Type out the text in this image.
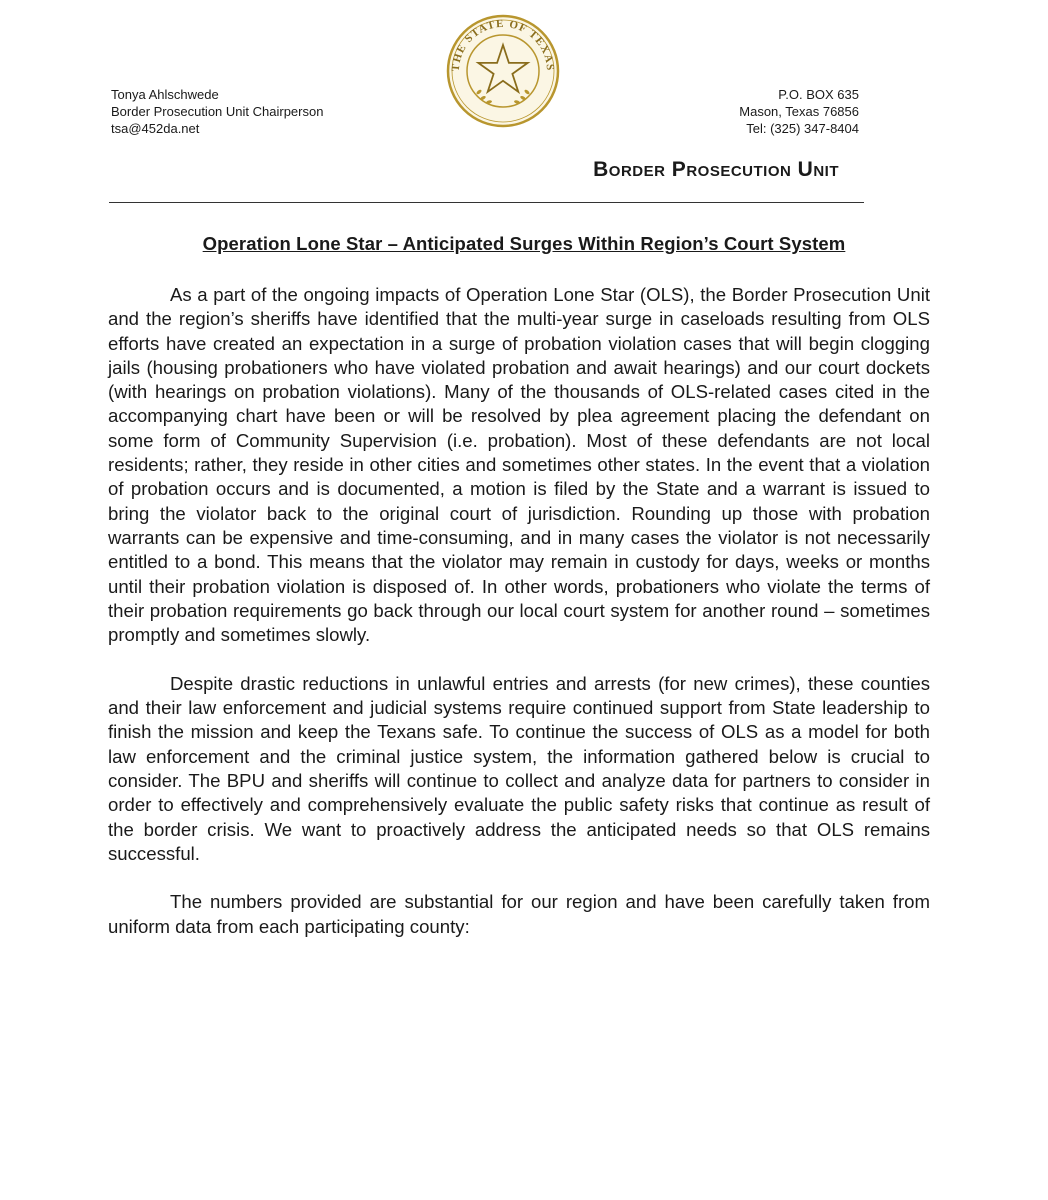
THE STATE OF TEXAS
Tonya Ahlschwede
Border Prosecution Unit Chairperson
tsa@452da.net
P.O. BOX 635
Mason, Texas 76856
Tel: (325) 347-8404
Border Prosecution Unit
Operation Lone Star – Anticipated Surges Within Region’s Court System

As a part of the ongoing impacts of Operation Lone Star (OLS), the Border Prosecution Unit and the region’s sheriffs have identified that the multi-year surge in caseloads resulting from OLS efforts have created an expectation in a surge of probation violation cases that will begin clogging jails (housing probationers who have violated probation and await hearings) and our court dockets (with hearings on probation violations). Many of the thousands of OLS-related cases cited in the accompanying chart have been or will be resolved by plea agreement placing the defendant on some form of Community Supervision (i.e. probation). Most of these defendants are not local residents; rather, they reside in other cities and sometimes other states. In the event that a violation of probation occurs and is documented, a motion is filed by the State and a warrant is issued to bring the violator back to the original court of jurisdiction. Rounding up those with probation warrants can be expensive and time-consuming, and in many cases the violator is not necessarily entitled to a bond. This means that the violator may remain in custody for days, weeks or months until their probation violation is disposed of. In other words, probationers who violate the terms of their probation requirements go back through our local court system for another round – sometimes promptly and sometimes slowly.

Despite drastic reductions in unlawful entries and arrests (for new crimes), these counties and their law enforcement and judicial systems require continued support from State leadership to finish the mission and keep the Texans safe. To continue the success of OLS as a model for both law enforcement and the criminal justice system, the information gathered below is crucial to consider. The BPU and sheriffs will continue to collect and analyze data for partners to consider in order to effectively and comprehensively evaluate the public safety risks that continue as result of the border crisis. We want to proactively address the anticipated needs so that OLS remains successful.

The numbers provided are substantial for our region and have been carefully taken from uniform data from each participating county:
